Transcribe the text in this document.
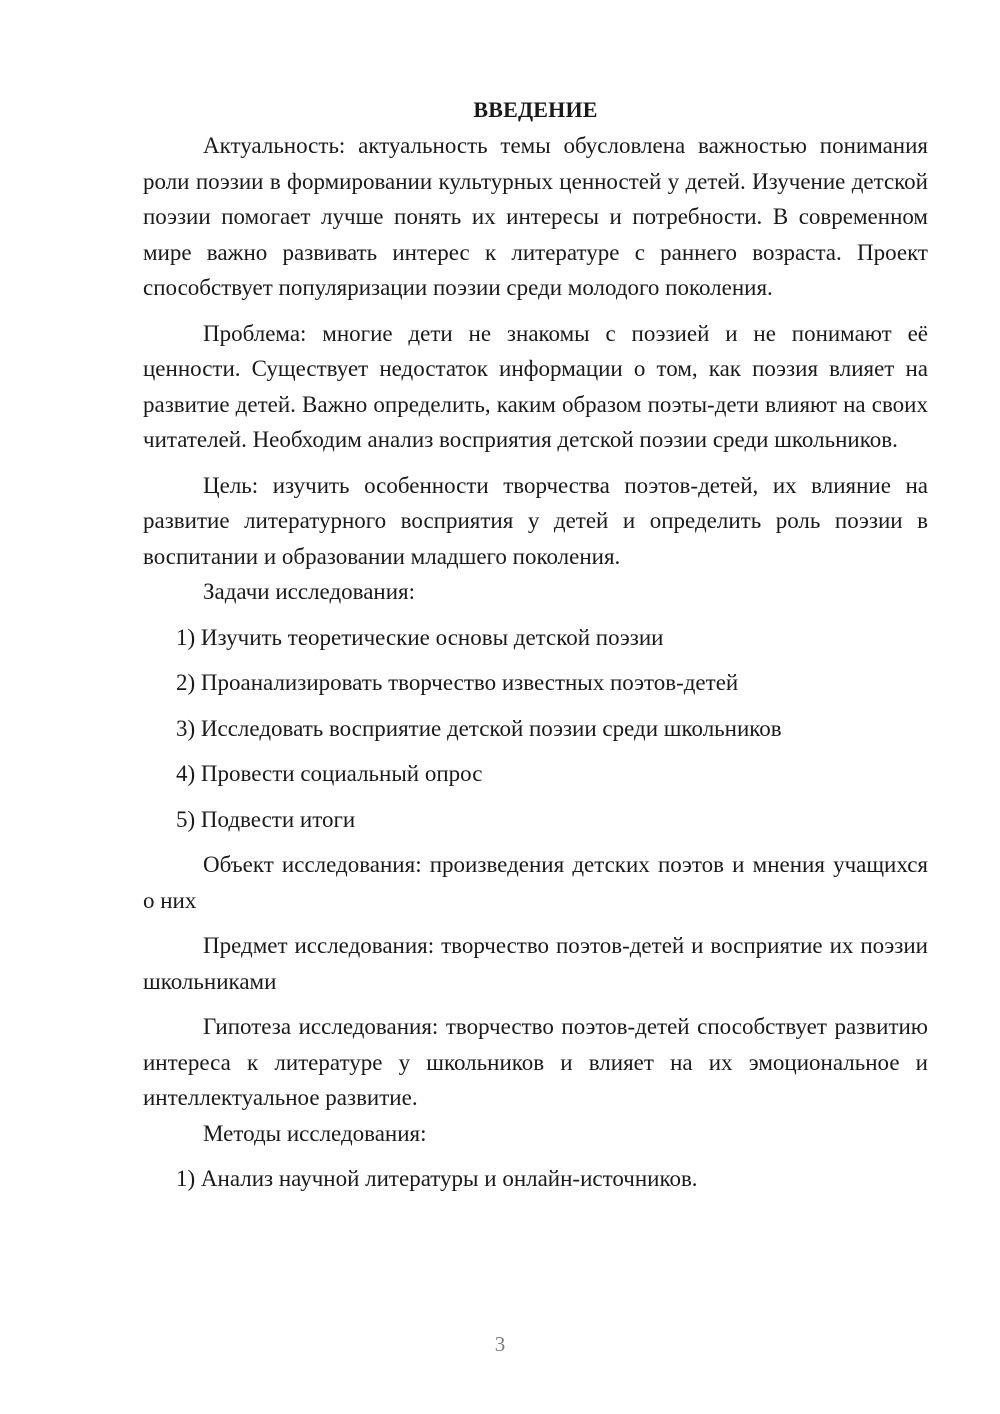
ВВЕДЕНИЕ

Актуальность: актуальность темы обусловлена важностью понимания роли поэзии в формировании культурных ценностей у детей. Изучение детской поэзии помогает лучше понять их интересы и потребности. В современном мире важно развивать интерес к литературе с раннего возраста. Проект способствует популяризации поэзии среди молодого поколения.

Проблема: многие дети не знакомы с поэзией и не понимают её ценности. Существует недостаток информации о том, как поэзия влияет на развитие детей. Важно определить, каким образом поэты-дети влияют на своих читателей. Необходим анализ восприятия детской поэзии среди школьников.

Цель: изучить особенности творчества поэтов-детей, их влияние на развитие литературного восприятия у детей и определить роль поэзии в воспитании и образовании младшего поколения.

Задачи исследования:

1) Изучить теоретические основы детской поэзии

2) Проанализировать творчество известных поэтов-детей

3) Исследовать восприятие детской поэзии среди школьников

4) Провести социальный опрос

5) Подвести итоги

Объект исследования: произведения детских поэтов и мнения учащихся о них

Предмет исследования: творчество поэтов-детей и восприятие их поэзии школьниками

Гипотеза исследования: творчество поэтов-детей способствует развитию интереса к литературе у школьников и влияет на их эмоциональное и интеллектуальное развитие.

Методы исследования:

1) Анализ научной литературы и онлайн-источников.

3
